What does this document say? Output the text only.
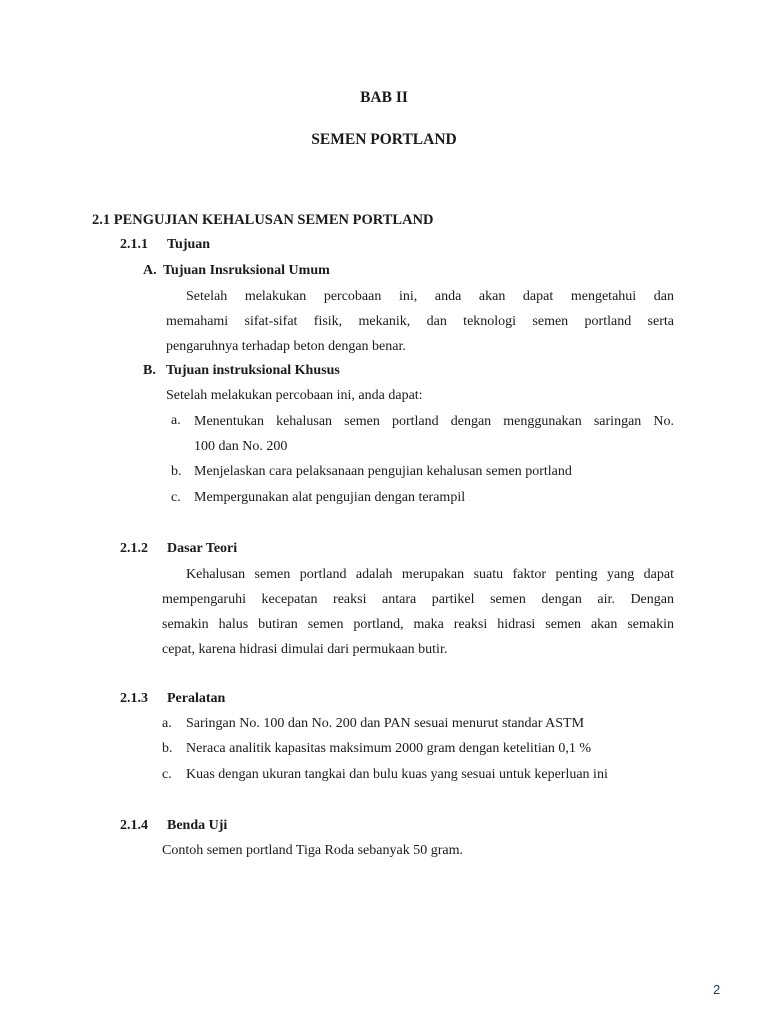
BAB II
SEMEN PORTLAND
2.1 PENGUJIAN KEHALUSAN SEMEN PORTLAND
2.1.1 Tujuan
A. Tujuan Insruksional Umum
Setelah melakukan percobaan ini, anda akan dapat mengetahui dan
memahami sifat-sifat fisik, mekanik, dan teknologi semen portland serta
pengaruhnya terhadap beton dengan benar.
B. Tujuan instruksional Khusus
Setelah melakukan percobaan ini, anda dapat:
a. Menentukan kehalusan semen portland dengan menggunakan saringan No.
100 dan No. 200
b. Menjelaskan cara pelaksanaan pengujian kehalusan semen portland
c. Mempergunakan alat pengujian dengan terampil
2.1.2 Dasar Teori
Kehalusan semen portland adalah merupakan suatu faktor penting yang dapat
mempengaruhi kecepatan reaksi antara partikel semen dengan air. Dengan
semakin halus butiran semen portland, maka reaksi hidrasi semen akan semakin
cepat, karena hidrasi dimulai dari permukaan butir.
2.1.3 Peralatan
a. Saringan No. 100 dan No. 200 dan PAN sesuai menurut standar ASTM
b. Neraca analitik kapasitas maksimum 2000 gram dengan ketelitian 0,1 %
c. Kuas dengan ukuran tangkai dan bulu kuas yang sesuai untuk keperluan ini
2.1.4 Benda Uji
Contoh semen portland Tiga Roda sebanyak 50 gram.
2
